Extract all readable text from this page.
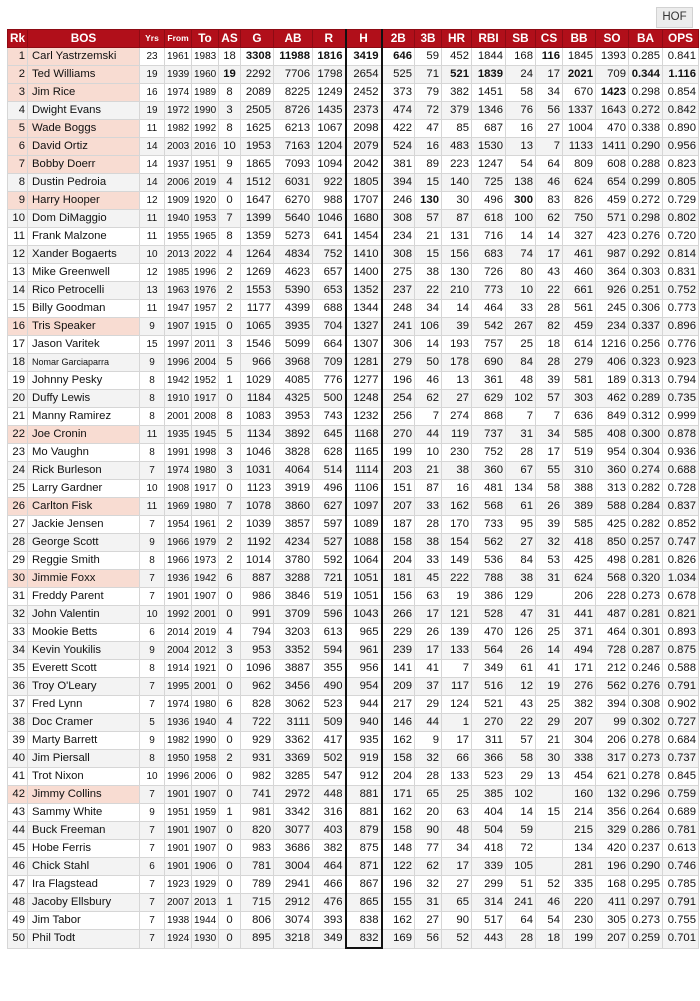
HOF
Rk	BOS	Yrs	From	To	AS	G	AB	R	H	2B	3B	HR	RBI	SB	CS	BB	SO	BA	OPS
1	Carl Yastrzemski	23	1961	1983	18	3308	11988	1816	3419	646	59	452	1844	168	116	1845	1393	0.285	0.841
2	Ted Williams	19	1939	1960	19	2292	7706	1798	2654	525	71	521	1839	24	17	2021	709	0.344	1.116
3	Jim Rice	16	1974	1989	8	2089	8225	1249	2452	373	79	382	1451	58	34	670	1423	0.298	0.854
4	Dwight Evans	19	1972	1990	3	2505	8726	1435	2373	474	72	379	1346	76	56	1337	1643	0.272	0.842
5	Wade Boggs	11	1982	1992	8	1625	6213	1067	2098	422	47	85	687	16	27	1004	470	0.338	0.890
6	David Ortiz	14	2003	2016	10	1953	7163	1204	2079	524	16	483	1530	13	7	1133	1411	0.290	0.956
7	Bobby Doerr	14	1937	1951	9	1865	7093	1094	2042	381	89	223	1247	54	64	809	608	0.288	0.823
8	Dustin Pedroia	14	2006	2019	4	1512	6031	922	1805	394	15	140	725	138	46	624	654	0.299	0.805
9	Harry Hooper	12	1909	1920	0	1647	6270	988	1707	246	130	30	496	300	83	826	459	0.272	0.729
10	Dom DiMaggio	11	1940	1953	7	1399	5640	1046	1680	308	57	87	618	100	62	750	571	0.298	0.802
11	Frank Malzone	11	1955	1965	8	1359	5273	641	1454	234	21	131	716	14	14	327	423	0.276	0.720
12	Xander Bogaerts	10	2013	2022	4	1264	4834	752	1410	308	15	156	683	74	17	461	987	0.292	0.814
13	Mike Greenwell	12	1985	1996	2	1269	4623	657	1400	275	38	130	726	80	43	460	364	0.303	0.831
14	Rico Petrocelli	13	1963	1976	2	1553	5390	653	1352	237	22	210	773	10	22	661	926	0.251	0.752
15	Billy Goodman	11	1947	1957	2	1177	4399	688	1344	248	34	14	464	33	28	561	245	0.306	0.773
16	Tris Speaker	9	1907	1915	0	1065	3935	704	1327	241	106	39	542	267	82	459	234	0.337	0.896
17	Jason Varitek	15	1997	2011	3	1546	5099	664	1307	306	14	193	757	25	18	614	1216	0.256	0.776
18	Nomar Garciaparra	9	1996	2004	5	966	3968	709	1281	279	50	178	690	84	28	279	406	0.323	0.923
19	Johnny Pesky	8	1942	1952	1	1029	4085	776	1277	196	46	13	361	48	39	581	189	0.313	0.794
20	Duffy Lewis	8	1910	1917	0	1184	4325	500	1248	254	62	27	629	102	57	303	462	0.289	0.735
21	Manny Ramirez	8	2001	2008	8	1083	3953	743	1232	256	7	274	868	7	7	636	849	0.312	0.999
22	Joe Cronin	11	1935	1945	5	1134	3892	645	1168	270	44	119	737	31	34	585	408	0.300	0.878
23	Mo Vaughn	8	1991	1998	3	1046	3828	628	1165	199	10	230	752	28	17	519	954	0.304	0.936
24	Rick Burleson	7	1974	1980	3	1031	4064	514	1114	203	21	38	360	67	55	310	360	0.274	0.688
25	Larry Gardner	10	1908	1917	0	1123	3919	496	1106	151	87	16	481	134	58	388	313	0.282	0.728
26	Carlton Fisk	11	1969	1980	7	1078	3860	627	1097	207	33	162	568	61	26	389	588	0.284	0.837
27	Jackie Jensen	7	1954	1961	2	1039	3857	597	1089	187	28	170	733	95	39	585	425	0.282	0.852
28	George Scott	9	1966	1979	2	1192	4234	527	1088	158	38	154	562	27	32	418	850	0.257	0.747
29	Reggie Smith	8	1966	1973	2	1014	3780	592	1064	204	33	149	536	84	53	425	498	0.281	0.826
30	Jimmie Foxx	7	1936	1942	6	887	3288	721	1051	181	45	222	788	38	31	624	568	0.320	1.034
31	Freddy Parent	7	1901	1907	0	986	3846	519	1051	156	63	19	386	129		206	228	0.273	0.678
32	John Valentin	10	1992	2001	0	991	3709	596	1043	266	17	121	528	47	31	441	487	0.281	0.821
33	Mookie Betts	6	2014	2019	4	794	3203	613	965	229	26	139	470	126	25	371	464	0.301	0.893
34	Kevin Youkilis	9	2004	2012	3	953	3352	594	961	239	17	133	564	26	14	494	728	0.287	0.875
35	Everett Scott	8	1914	1921	0	1096	3887	355	956	141	41	7	349	61	41	171	212	0.246	0.588
36	Troy O'Leary	7	1995	2001	0	962	3456	490	954	209	37	117	516	12	19	276	562	0.276	0.791
37	Fred Lynn	7	1974	1980	6	828	3062	523	944	217	29	124	521	43	25	382	394	0.308	0.902
38	Doc Cramer	5	1936	1940	4	722	3111	509	940	146	44	1	270	22	29	207	99	0.302	0.727
39	Marty Barrett	9	1982	1990	0	929	3362	417	935	162	9	17	311	57	21	304	206	0.278	0.684
40	Jim Piersall	8	1950	1958	2	931	3369	502	919	158	32	66	366	58	30	338	317	0.273	0.737
41	Trot Nixon	10	1996	2006	0	982	3285	547	912	204	28	133	523	29	13	454	621	0.278	0.845
42	Jimmy Collins	7	1901	1907	0	741	2972	448	881	171	65	25	385	102		160	132	0.296	0.759
43	Sammy White	9	1951	1959	1	981	3342	316	881	162	20	63	404	14	15	214	356	0.264	0.689
44	Buck Freeman	7	1901	1907	0	820	3077	403	879	158	90	48	504	59		215	329	0.286	0.781
45	Hobe Ferris	7	1901	1907	0	983	3686	382	875	148	77	34	418	72		134	420	0.237	0.613
46	Chick Stahl	6	1901	1906	0	781	3004	464	871	122	62	17	339	105		281	196	0.290	0.746
47	Ira Flagstead	7	1923	1929	0	789	2941	466	867	196	32	27	299	51	52	335	168	0.295	0.785
48	Jacoby Ellsbury	7	2007	2013	1	715	2912	476	865	155	31	65	314	241	46	220	411	0.297	0.791
49	Jim Tabor	7	1938	1944	0	806	3074	393	838	162	27	90	517	64	54	230	305	0.273	0.755
50	Phil Todt	7	1924	1930	0	895	3218	349	832	169	56	52	443	28	18	199	207	0.259	0.701
